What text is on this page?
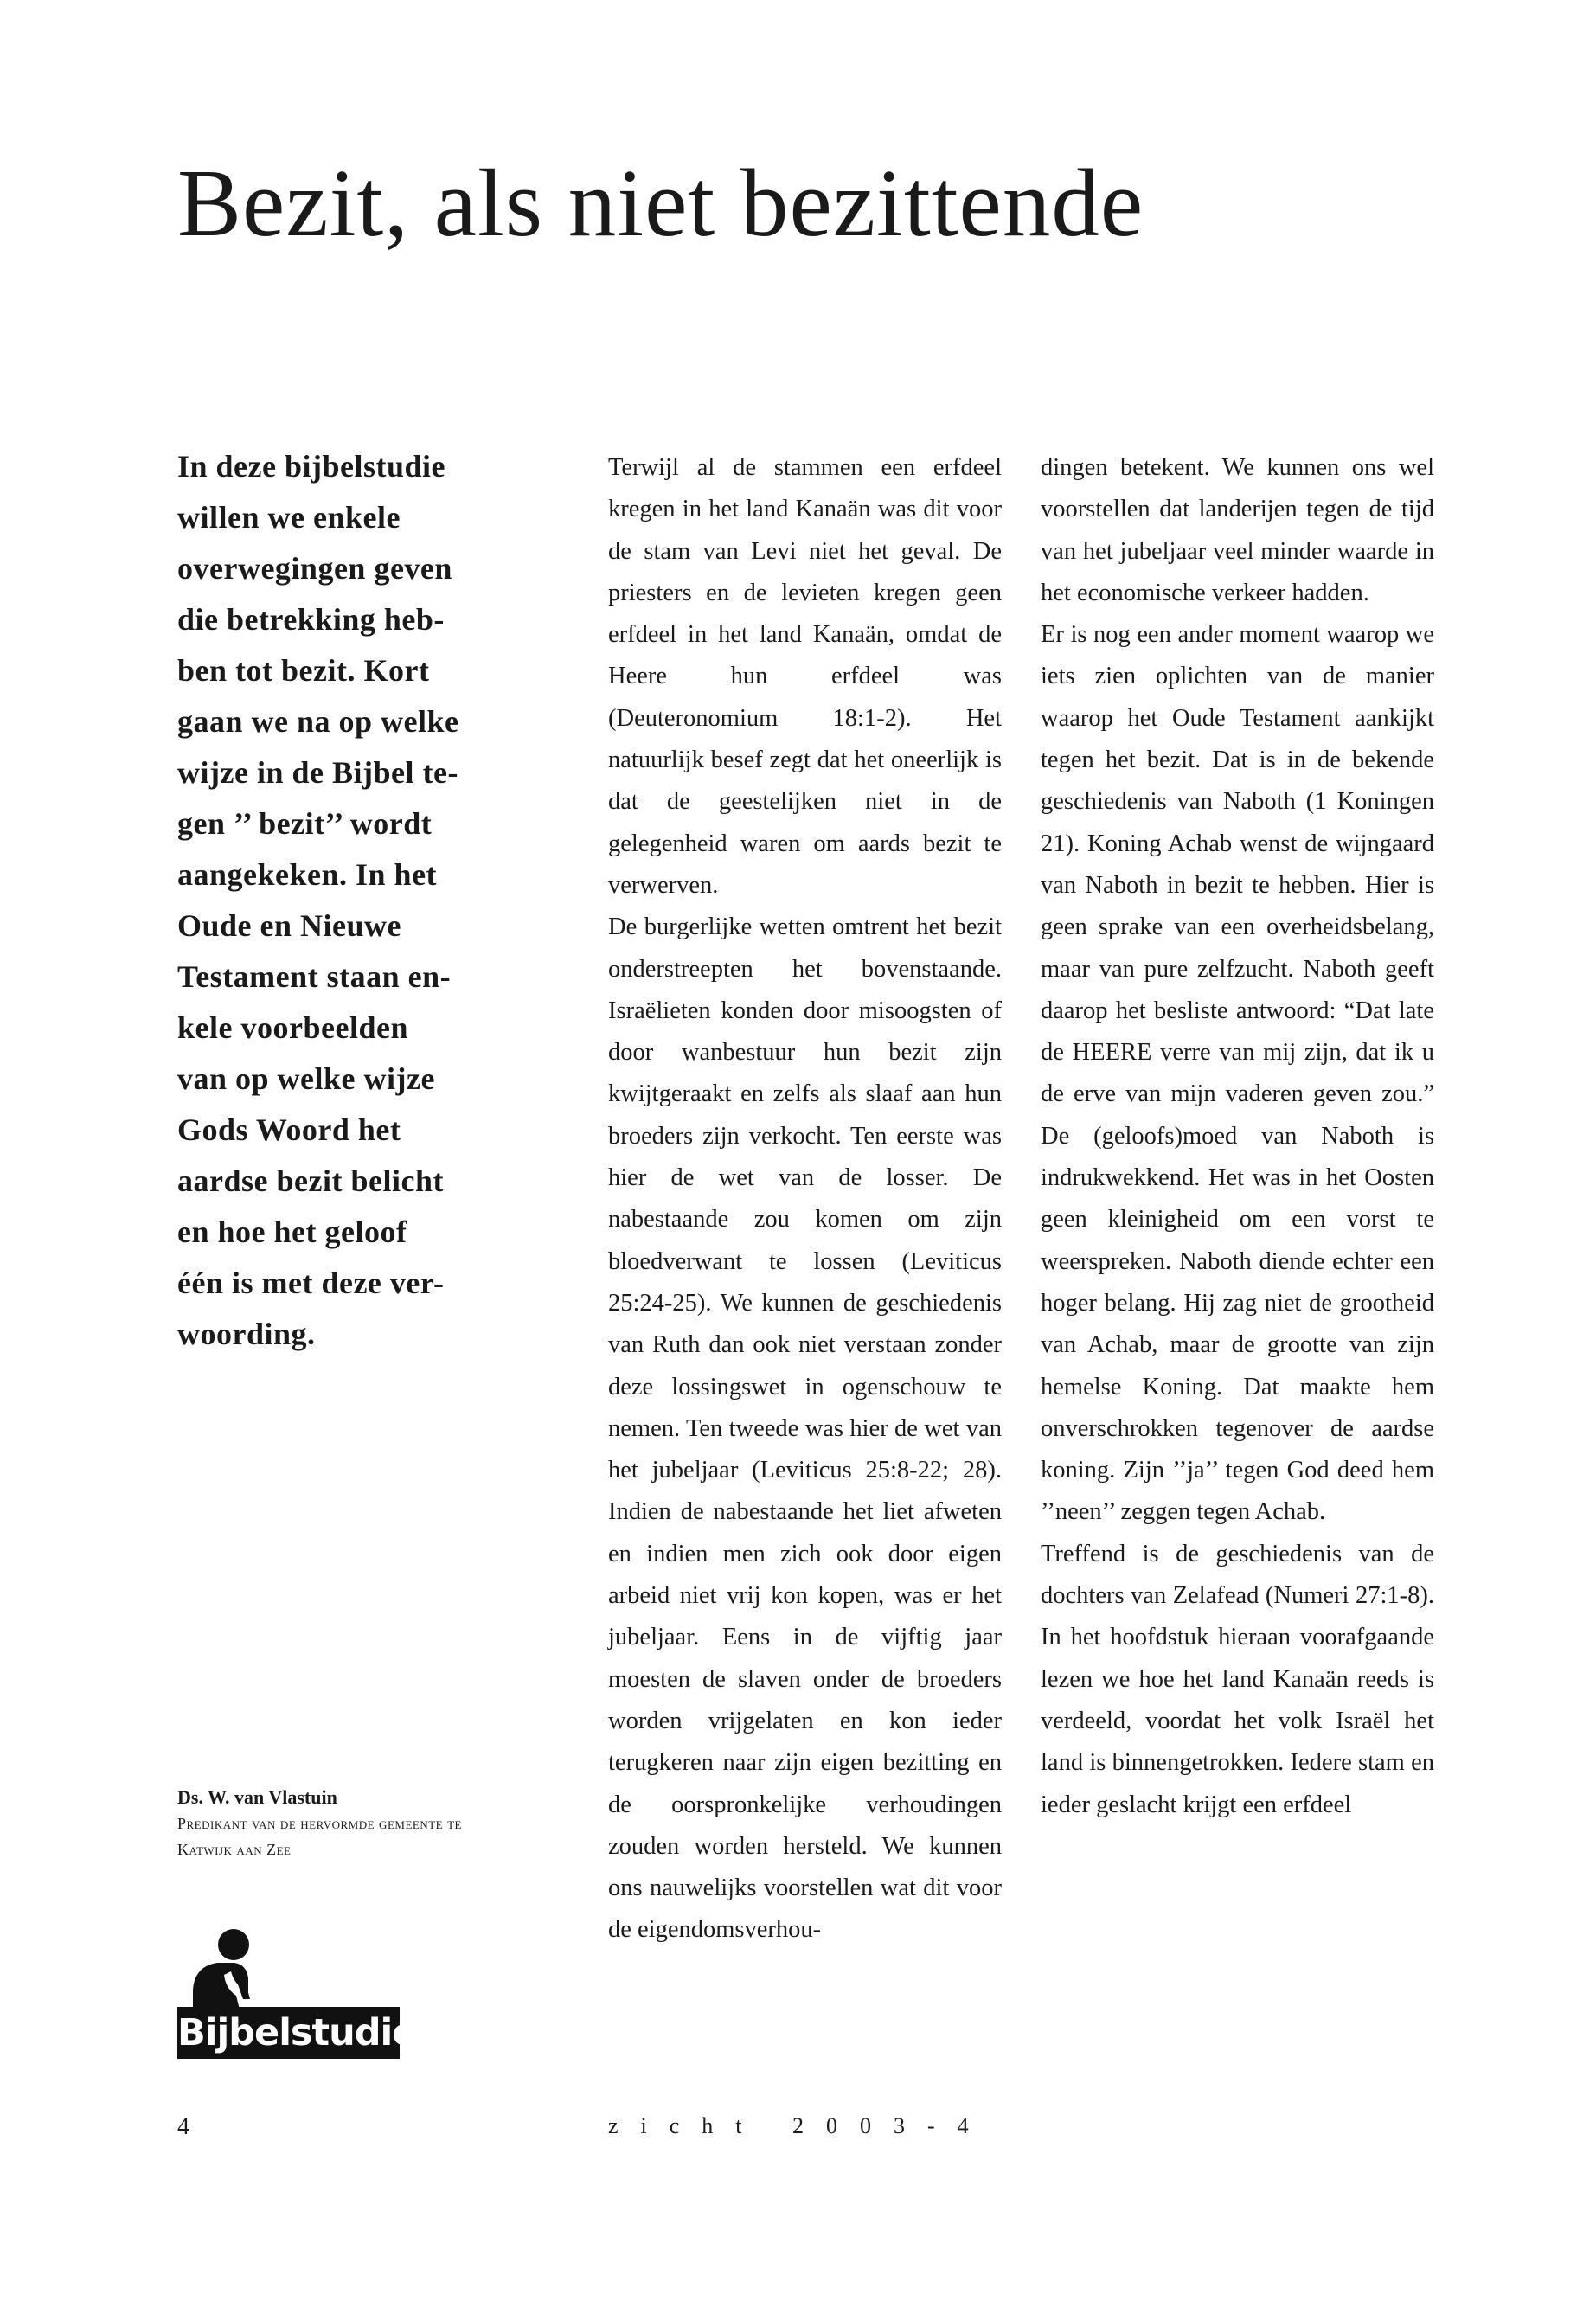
Bezit, als niet bezittende
In deze bijbelstudie
willen we enkele
overwegingen geven
die betrekking heb-
ben tot bezit. Kort
gaan we na op welke
wijze in de Bijbel te-
gen ’’ bezit’’ wordt
aangekeken. In het
Oude en Nieuwe
Testament staan en-
kele voorbeelden
van op welke wijze
Gods Woord het
aardse bezit belicht
en hoe het geloof
één is met deze ver-
woording.

Terwijl al de stammen een erfdeel kregen in het land Kanaän was dit voor de stam van Levi niet het geval. De priesters en de levieten kregen geen erfdeel in het land Kanaän, omdat de Heere hun erfdeel was (Deuteronomium 18:1-2). Het natuurlijk besef zegt dat het oneerlijk is dat de geestelijken niet in de gelegenheid waren om aards bezit te verwerven.

De burgerlijke wetten omtrent het bezit onderstreepten het bovenstaande. Israëlieten konden door misoogsten of door wanbestuur hun bezit zijn kwijtgeraakt en zelfs als slaaf aan hun broeders zijn verkocht. Ten eerste was hier de wet van de losser. De nabestaande zou komen om zijn bloedverwant te lossen (Leviticus 25:24-25). We kunnen de geschiedenis van Ruth dan ook niet verstaan zonder deze lossingswet in ogenschouw te nemen. Ten tweede was hier de wet van het jubeljaar (Leviticus 25:8-22; 28). Indien de nabestaande het liet afweten en indien men zich ook door eigen arbeid niet vrij kon kopen, was er het jubeljaar. Eens in de vijftig jaar moesten de slaven onder de broeders worden vrijgelaten en kon ieder terugkeren naar zijn eigen bezitting en de oorspronkelijke verhoudingen zouden worden hersteld. We kunnen ons nauwelijks voorstellen wat dit voor de eigendomsverhou-

dingen betekent. We kunnen ons wel voorstellen dat landerijen tegen de tijd van het jubeljaar veel minder waarde in het economische verkeer hadden.

Er is nog een ander moment waarop we iets zien oplichten van de manier waarop het Oude Testament aankijkt tegen het bezit. Dat is in de bekende geschiedenis van Naboth (1 Koningen 21). Koning Achab wenst de wijngaard van Naboth in bezit te hebben. Hier is geen sprake van een overheidsbelang, maar van pure zelfzucht. Naboth geeft daarop het besliste antwoord: “Dat late de HEERE verre van mij zijn, dat ik u de erve van mijn vaderen geven zou.” De (geloofs)moed van Naboth is indrukwekkend. Het was in het Oosten geen kleinigheid om een vorst te weerspreken. Naboth diende echter een hoger belang. Hij zag niet de grootheid van Achab, maar de grootte van zijn hemelse Koning. Dat maakte hem onverschrokken tegenover de aardse koning. Zijn ’’ja’’ tegen God deed hem ’’neen’’ zeggen tegen Achab.

Treffend is de geschiedenis van de dochters van Zelafead (Numeri 27:1-8). In het hoofdstuk hieraan voorafgaande lezen we hoe het land Kanaän reeds is verdeeld, voordat het volk Israël het land is binnengetrokken. Iedere stam en ieder geslacht krijgt een erfdeel

Ds. W. van Vlastuin
Predikant van de hervormde gemeente te
Katwijk aan Zee
Bijbelstudie
4	zicht 2003-4
